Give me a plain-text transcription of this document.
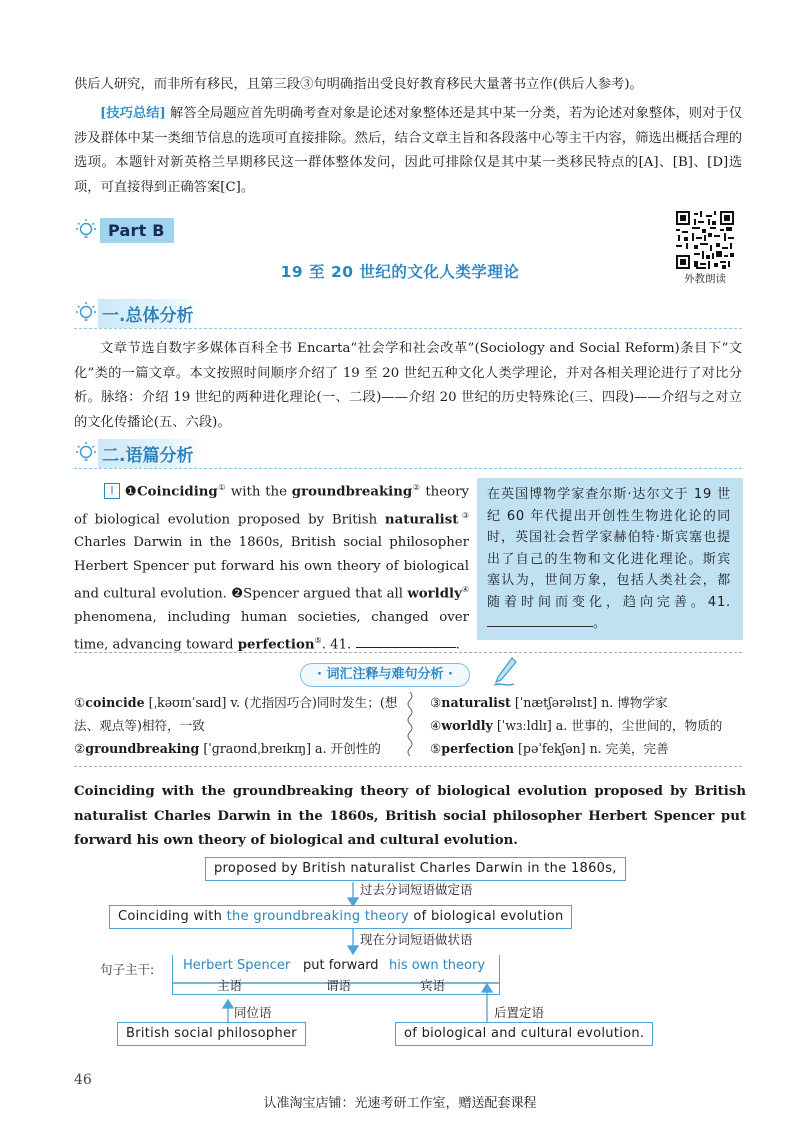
供后人研究，而非所有移民，且第三段③句明确指出受良好教育移民大量著书立作(供后人参考)。
[技巧总结] 解答全局题应首先明确考查对象是论述对象整体还是其中某一分类，若为论述对象整体，则对于仅涉及群体中某一类细节信息的选项可直接排除。然后，结合文章主旨和各段落中心等主干内容，筛选出概括合理的选项。本题针对新英格兰早期移民这一群体整体发问，因此可排除仅是其中某一类移民特点的[A]、[B]、[D]选项，可直接得到正确答案[C]。
Part B
外教朗读
19 至 20 世纪的文化人类学理论
一.总体分析
文章节选自数字多媒体百科全书 Encarta“社会学和社会改革”(Sociology and Social Reform)条目下“文化”类的一篇文章。本文按照时间顺序介绍了 19 至 20 世纪五种文化人类学理论，并对各相关理论进行了对比分析。脉络：介绍 19 世纪的两种进化理论(一、二段)——介绍 20 世纪的历史特殊论(三、四段)——介绍与之对立的文化传播论(五、六段)。
二.语篇分析
I ❶Coinciding① with the groundbreaking② theory of biological evolution proposed by British naturalist③ Charles Darwin in the 1860s, British social philosopher Herbert Spencer put forward his own theory of biological and cultural evolution. ❷Spencer argued that all worldly④ phenomena, including human societies, changed over time, advancing toward perfection⑤. 41.	.
在英国博物学家查尔斯·达尔文于 19 世纪 60 年代提出开创性生物进化论的同时，英国社会哲学家赫伯特·斯宾塞也提出了自己的生物和文化进化理论。斯宾塞认为，世间万象，包括人类社会，都随着时间而变化，趋向完善。41.。
· 词汇注释与难句分析 ·
①coincide [ˌkəʊɪnˈsaɪd] v. (尤指因巧合)同时发生；(想法、观点等)相符，一致
②groundbreaking [ˈɡraʊndˌbreɪkɪŋ] a. 开创性的
③naturalist [ˈnætʃərəlɪst] n. 博物学家
④worldly [ˈwɜːldlɪ] a. 世事的，尘世间的，物质的
⑤perfection [pəˈfekʃən] n. 完美，完善
Coinciding with the groundbreaking theory of biological evolution proposed by British naturalist Charles Darwin in the 1860s, British social philosopher Herbert Spencer put forward his own theory of biological and cultural evolution.
proposed by British naturalist Charles Darwin in the 1860s,
过去分词短语做定语
Coinciding with the groundbreaking theory of biological evolution
现在分词短语做状语
句子主干: Herbert Spencer put forward his own theory
主语	谓语	宾语
同位语	后置定语
British social philosopher	of biological and cultural evolution.
46
认准淘宝店铺：光速考研工作室，赠送配套课程
